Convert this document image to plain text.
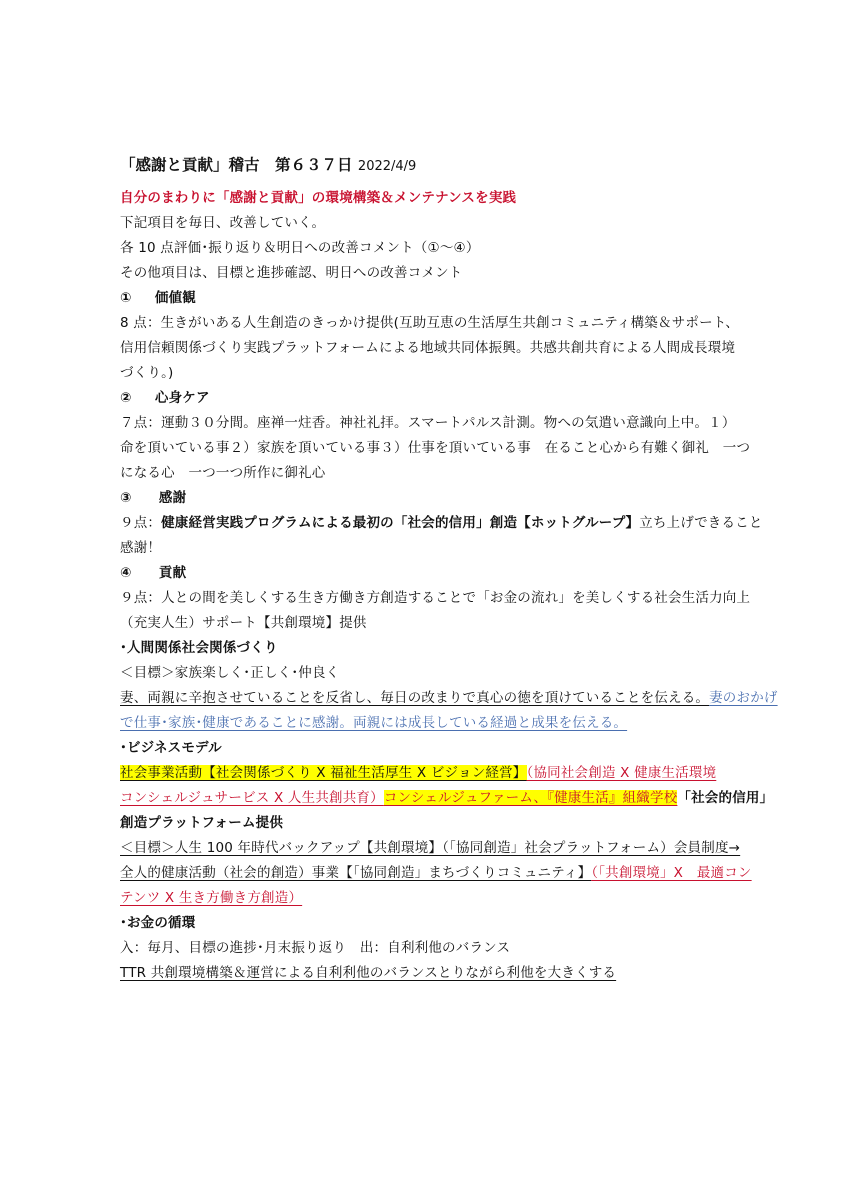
「感謝と貢献」稽古　第６３７日 2022/4/9
自分のまわりに「感謝と貢献」の環境構築＆メンテナンスを実践
下記項目を毎日、改善していく。
各 10 点評価･振り返り＆明日への改善コメント（①～④）
その他項目は、目標と進捗確認、明日への改善コメント
① 価値観
8 点：生きがいある人生創造のきっかけ提供(互助互恵の生活厚生共創コミュニティ構築＆サポート、
信用信頼関係づくり実践プラットフォームによる地域共同体振興。共感共創共育による人間成長環境
づくり。)
② 心身ケア
７点：運動３０分間。座禅一炷香。神社礼拝。スマートパルス計測。物への気遣い意識向上中。１）
命を頂いている事２）家族を頂いている事３）仕事を頂いている事　在ること心から有難く御礼　一つ
になる心　一つ一つ所作に御礼心
③ 感謝
９点：健康経営実践プログラムによる最初の「社会的信用」創造【ホットグループ】立ち上げできること
感謝！
④ 貢献
９点：人との間を美しくする生き方働き方創造することで「お金の流れ」を美しくする社会生活力向上
（充実人生）サポート【共創環境】提供
･人間関係社会関係づくり
＜目標＞家族楽しく･正しく･仲良く
妻、両親に辛抱させていることを反省し、毎日の改まりで真心の徳を頂けていることを伝える。妻のおかげ
で仕事･家族･健康であることに感謝。両親には成長している経過と成果を伝える。
･ビジネスモデル
社会事業活動【社会関係づくり X 福祉生活厚生 X ビジョン経営】（協同社会創造 X 健康生活環境
コンシェルジュサービス X 人生共創共育）コンシェルジュファーム、『健康生活』組織学校「社会的信用」
創造プラットフォーム提供
＜目標＞人生 100 年時代バックアップ【共創環境】（「協同創造」社会プラットフォーム）会員制度→
全人的健康活動（社会的創造）事業【「協同創造」まちづくりコミュニティ】（「共創環境」X　最適コン
テンツ X 生き方働き方創造）
･お金の循環
入：毎月、目標の進捗･月末振り返り　出：自利利他のバランス
TTR 共創環境構築＆運営による自利利他のバランスとりながら利他を大きくする
